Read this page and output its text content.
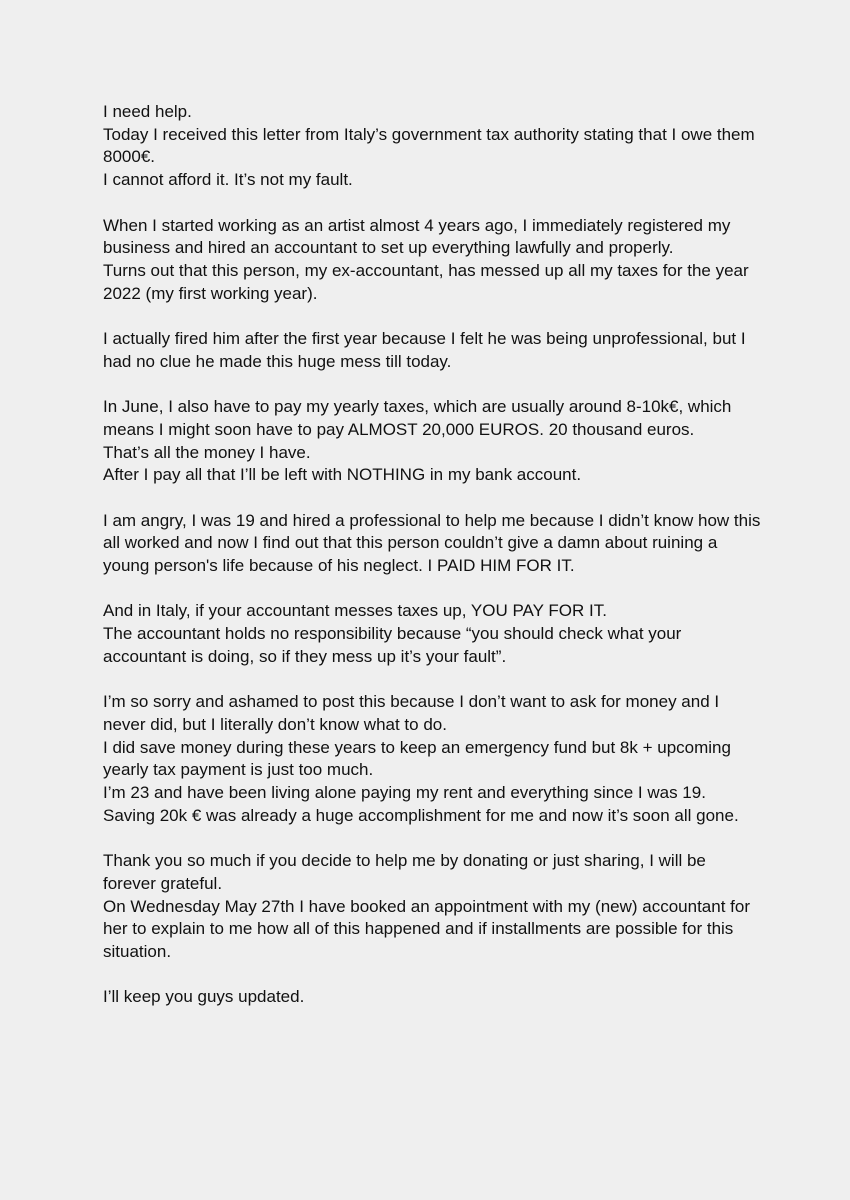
I need help.
Today I received this letter from Italy’s government tax authority stating that I owe them 8000€.
I cannot afford it. It’s not my fault.
When I started working as an artist almost 4 years ago, I immediately registered my business and hired an accountant to set up everything lawfully and properly.
Turns out that this person, my ex-accountant, has messed up all my taxes for the year 2022 (my first working year).
I actually fired him after the first year because I felt he was being unprofessional, but I had no clue he made this huge mess till today.
In June, I also have to pay my yearly taxes, which are usually around 8-10k€, which means I might soon have to pay ALMOST 20,000 EUROS. 20 thousand euros.
That’s all the money I have.
After I pay all that I’ll be left with NOTHING in my bank account.
I am angry, I was 19 and hired a professional to help me because I didn’t know how this all worked and now I find out that this person couldn’t give a damn about ruining a young person's life because of his neglect. I PAID HIM FOR IT.
And in Italy, if your accountant messes taxes up, YOU PAY FOR IT.
The accountant holds no responsibility because “you should check what your accountant is doing, so if they mess up it’s your fault”.
I’m so sorry and ashamed to post this because I don’t want to ask for money and I never did, but I literally don’t know what to do.
I did save money during these years to keep an emergency fund but 8k + upcoming yearly tax payment is just too much.
I’m 23 and have been living alone paying my rent and everything since I was 19.
Saving 20k € was already a huge accomplishment for me and now it’s soon all gone.
Thank you so much if you decide to help me by donating or just sharing, I will be forever grateful.
On Wednesday May 27th I have booked an appointment with my (new) accountant for her to explain to me how all of this happened and if installments are possible for this situation.
I’ll keep you guys updated.
